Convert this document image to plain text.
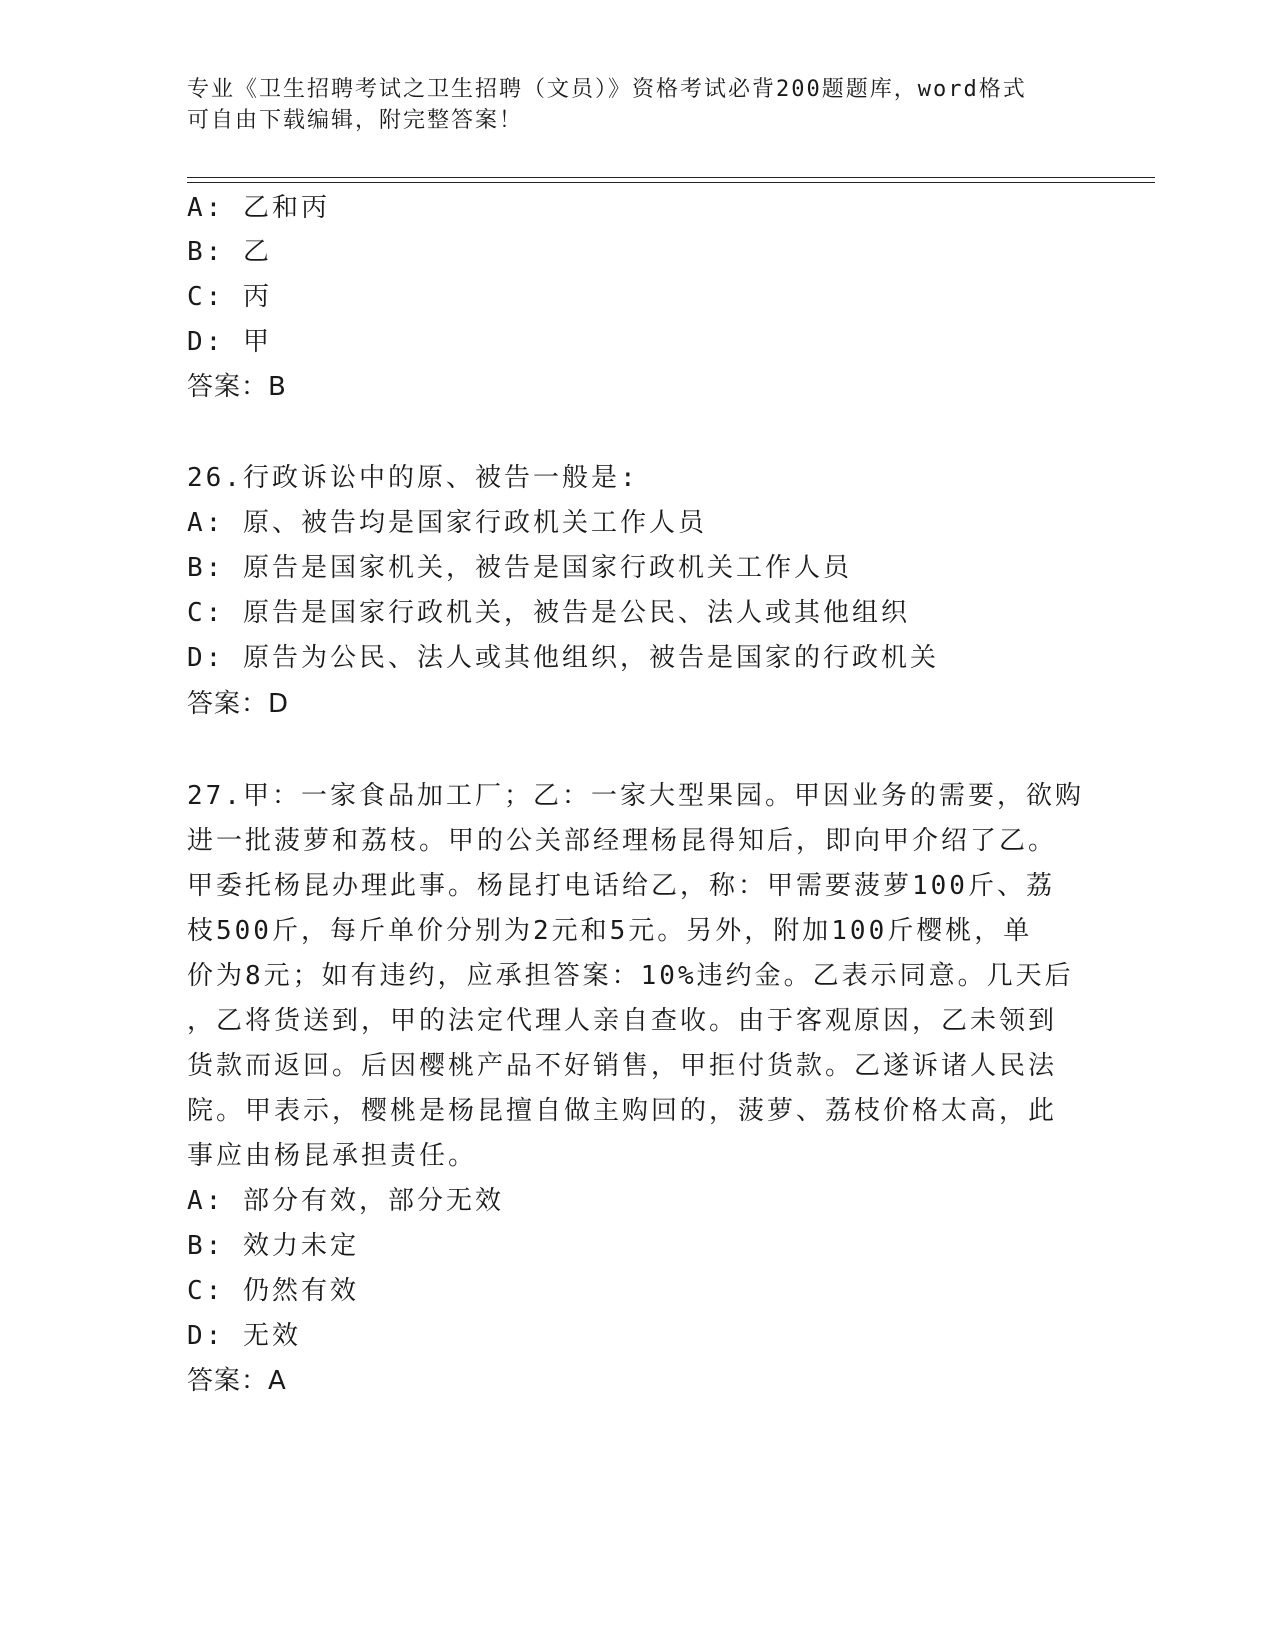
专业《卫生招聘考试之卫生招聘（文员）》资格考试必背200题题库，word格式
可自由下载编辑，附完整答案！
A: 乙和丙
B: 乙
C: 丙
D: 甲
答案：B
26.行政诉讼中的原、被告一般是:
A: 原、被告均是国家行政机关工作人员
B: 原告是国家机关，被告是国家行政机关工作人员
C: 原告是国家行政机关，被告是公民、法人或其他组织
D: 原告为公民、法人或其他组织，被告是国家的行政机关
答案：D
27.甲：一家食品加工厂；乙：一家大型果园。甲因业务的需要，欲购
进一批菠萝和荔枝。甲的公关部经理杨昆得知后，即向甲介绍了乙。
甲委托杨昆办理此事。杨昆打电话给乙，称：甲需要菠萝100斤、荔
枝500斤，每斤单价分别为2元和5元。另外，附加100斤樱桃，单
价为8元；如有违约，应承担答案：10%违约金。乙表示同意。几天后
，乙将货送到，甲的法定代理人亲自查收。由于客观原因，乙未领到
货款而返回。后因樱桃产品不好销售，甲拒付货款。乙遂诉诸人民法
院。甲表示，樱桃是杨昆擅自做主购回的，菠萝、荔枝价格太高，此
事应由杨昆承担责任。
A: 部分有效，部分无效
B: 效力未定
C: 仍然有效
D: 无效
答案：A
